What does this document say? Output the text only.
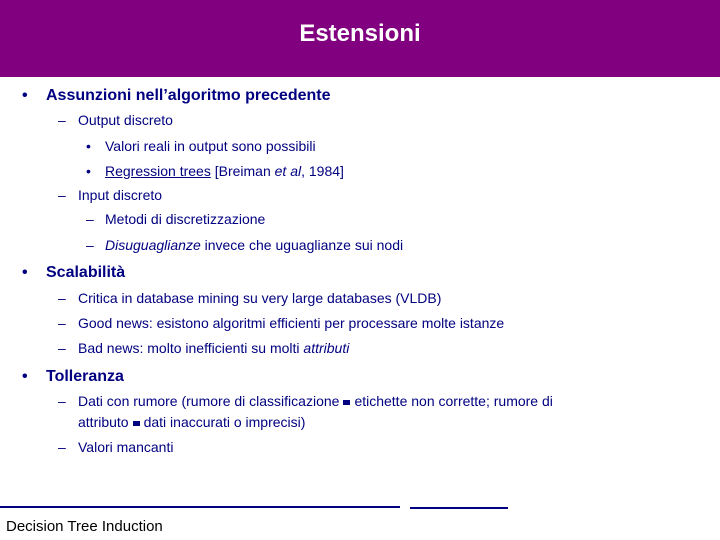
Estensioni
• Assunzioni nell’algoritmo precedente
– Output discreto
• Valori reali in output sono possibili
• Regression trees [Breiman et al, 1984]
– Input discreto
– Metodi di discretizzazione
– Disuguaglianze invece che uguaglianze sui nodi
• Scalabilità
– Critica in database mining su very large databases (VLDB)
– Good news: esistono algoritmi efficienti per processare molte istanze
– Bad news: molto inefficienti su molti attributi
• Tolleranza
– Dati con rumore (rumore di classificazione etichette non corrette; rumore di
attributo dati inaccurati o imprecisi)
– Valori mancanti
Decision Tree Induction
